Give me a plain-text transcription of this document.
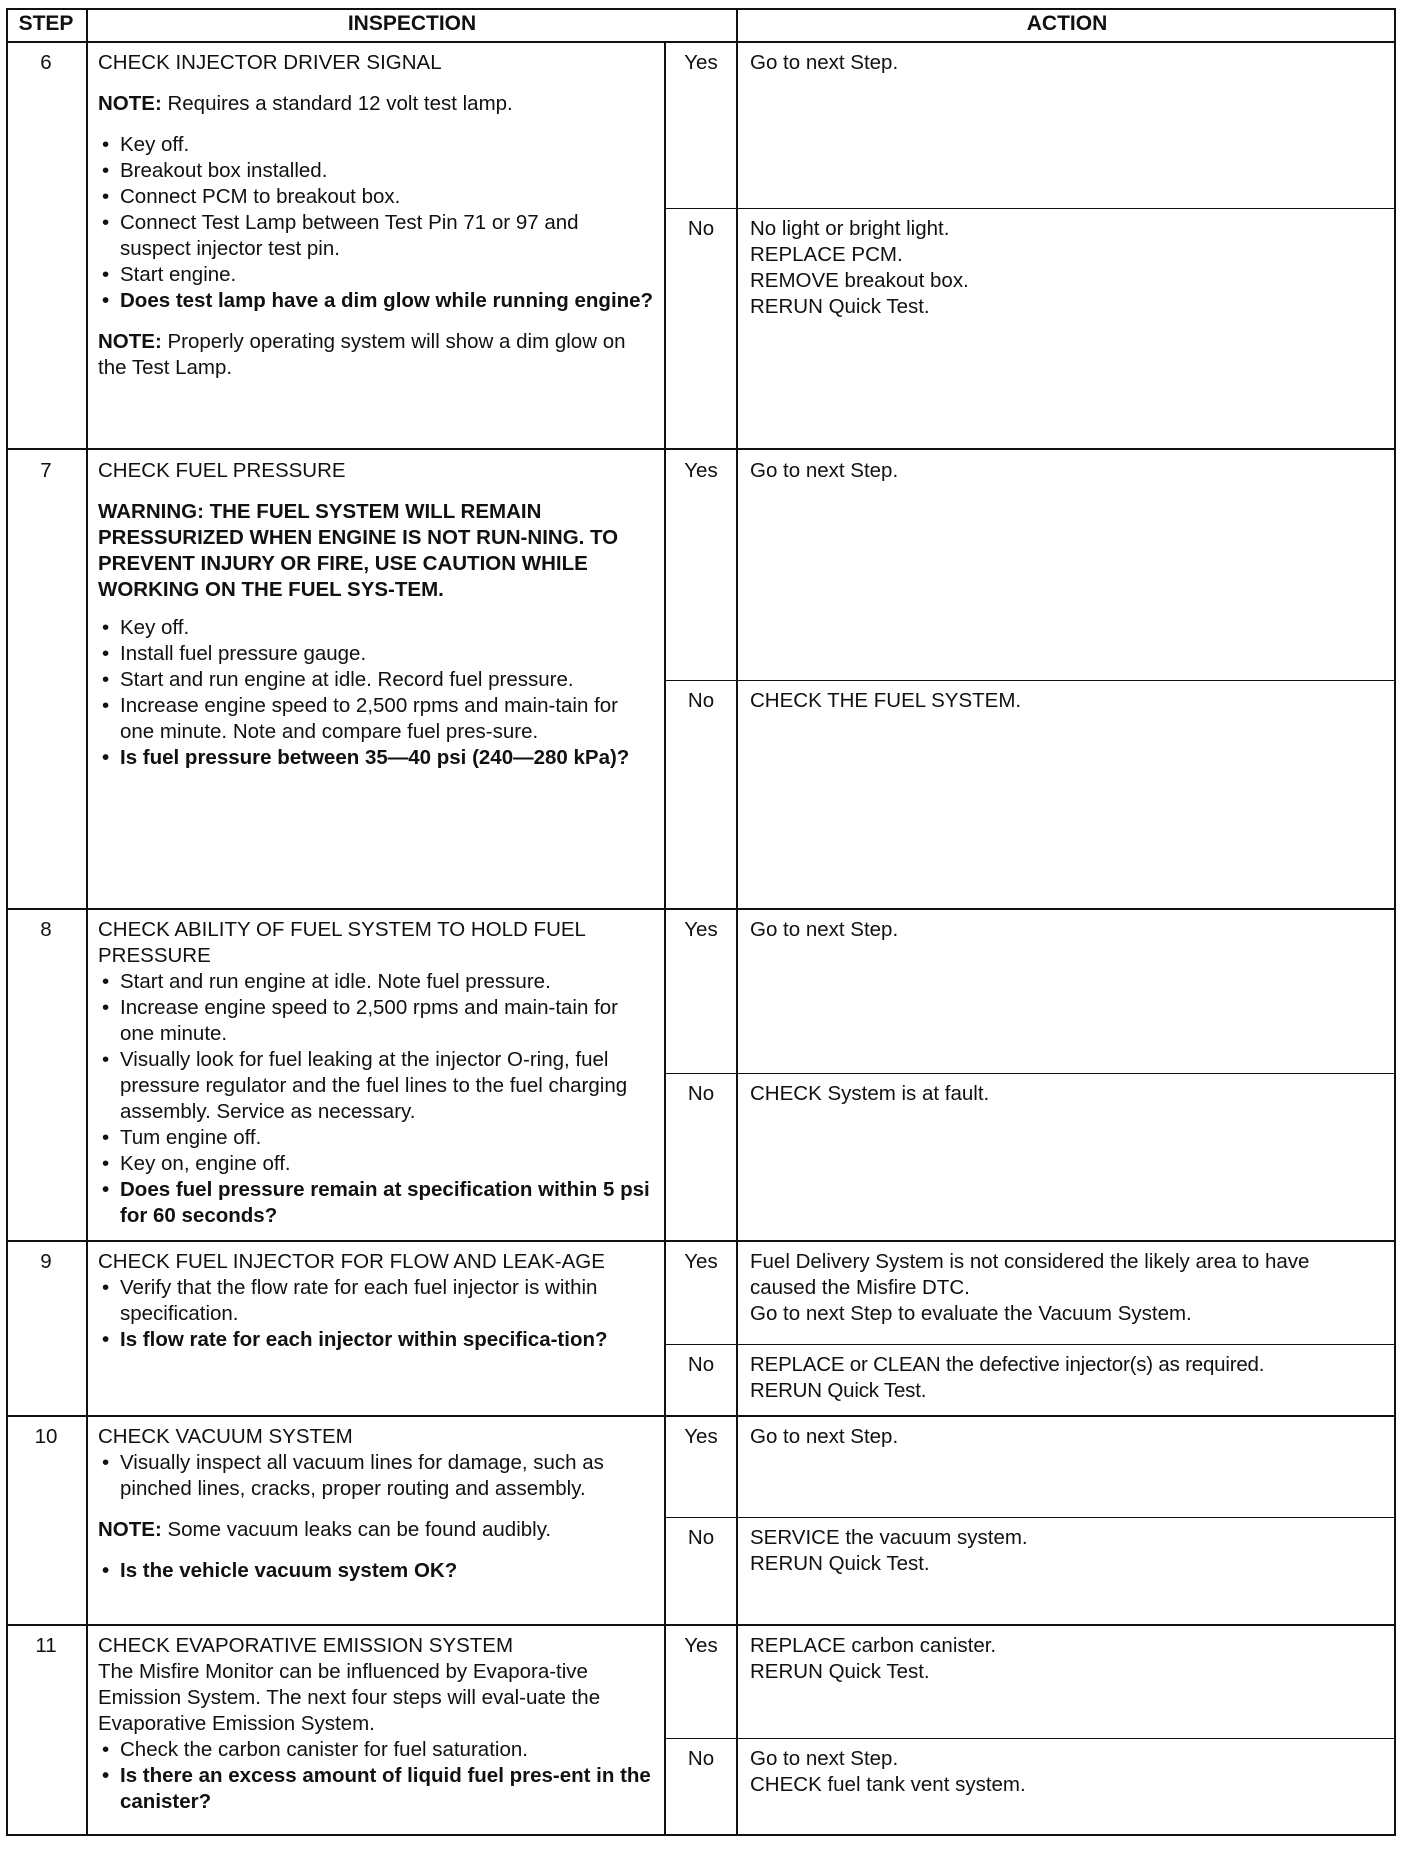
STEP	INSPECTION	ACTION
6	CHECK INJECTOR DRIVER SIGNAL
NOTE: Requires a standard 12 volt test lamp.
• Key off.
• Breakout box installed.
• Connect PCM to breakout box.
• Connect Test Lamp between Test Pin 71 or 97 and suspect injector test pin.
• Start engine.
• Does test lamp have a dim glow while running engine?
NOTE: Properly operating system will show a dim glow on the Test Lamp.
Yes	Go to next Step.
No	No light or bright light.
REPLACE PCM.
REMOVE breakout box.
RERUN Quick Test.
7	CHECK FUEL PRESSURE
WARNING: THE FUEL SYSTEM WILL REMAIN PRESSURIZED WHEN ENGINE IS NOT RUN-NING. TO PREVENT INJURY OR FIRE, USE CAUTION WHILE WORKING ON THE FUEL SYS-TEM.
• Key off.
• Install fuel pressure gauge.
• Start and run engine at idle. Record fuel pressure.
• Increase engine speed to 2,500 rpms and main-tain for one minute. Note and compare fuel pres-sure.
• Is fuel pressure between 35—40 psi (240—280 kPa)?
Yes	Go to next Step.
No	CHECK THE FUEL SYSTEM.
8	CHECK ABILITY OF FUEL SYSTEM TO HOLD FUEL PRESSURE
• Start and run engine at idle. Note fuel pressure.
• Increase engine speed to 2,500 rpms and main-tain for one minute.
• Visually look for fuel leaking at the injector O-ring, fuel pressure regulator and the fuel lines to the fuel charging assembly. Service as necessary.
• Tum engine off.
• Key on, engine off.
• Does fuel pressure remain at specification within 5 psi for 60 seconds?
Yes	Go to next Step.
No	CHECK System is at fault.
9	CHECK FUEL INJECTOR FOR FLOW AND LEAK-AGE
• Verify that the flow rate for each fuel injector is within specification.
• Is flow rate for each injector within specifica-tion?
Yes	Fuel Delivery System is not considered the likely area to have caused the Misfire DTC.
Go to next Step to evaluate the Vacuum System.
No	REPLACE or CLEAN the defective injector(s) as required.
RERUN Quick Test.
10	CHECK VACUUM SYSTEM
• Visually inspect all vacuum lines for damage, such as pinched lines, cracks, proper routing and assembly.
NOTE: Some vacuum leaks can be found audibly.
• Is the vehicle vacuum system OK?
Yes	Go to next Step.
No	SERVICE the vacuum system.
RERUN Quick Test.
11	CHECK EVAPORATIVE EMISSION SYSTEM
The Misfire Monitor can be influenced by Evapora-tive Emission System. The next four steps will eval-uate the Evaporative Emission System.
• Check the carbon canister for fuel saturation.
• Is there an excess amount of liquid fuel pres-ent in the canister?
Yes	REPLACE carbon canister.
RERUN Quick Test.
No	Go to next Step.
CHECK fuel tank vent system.
